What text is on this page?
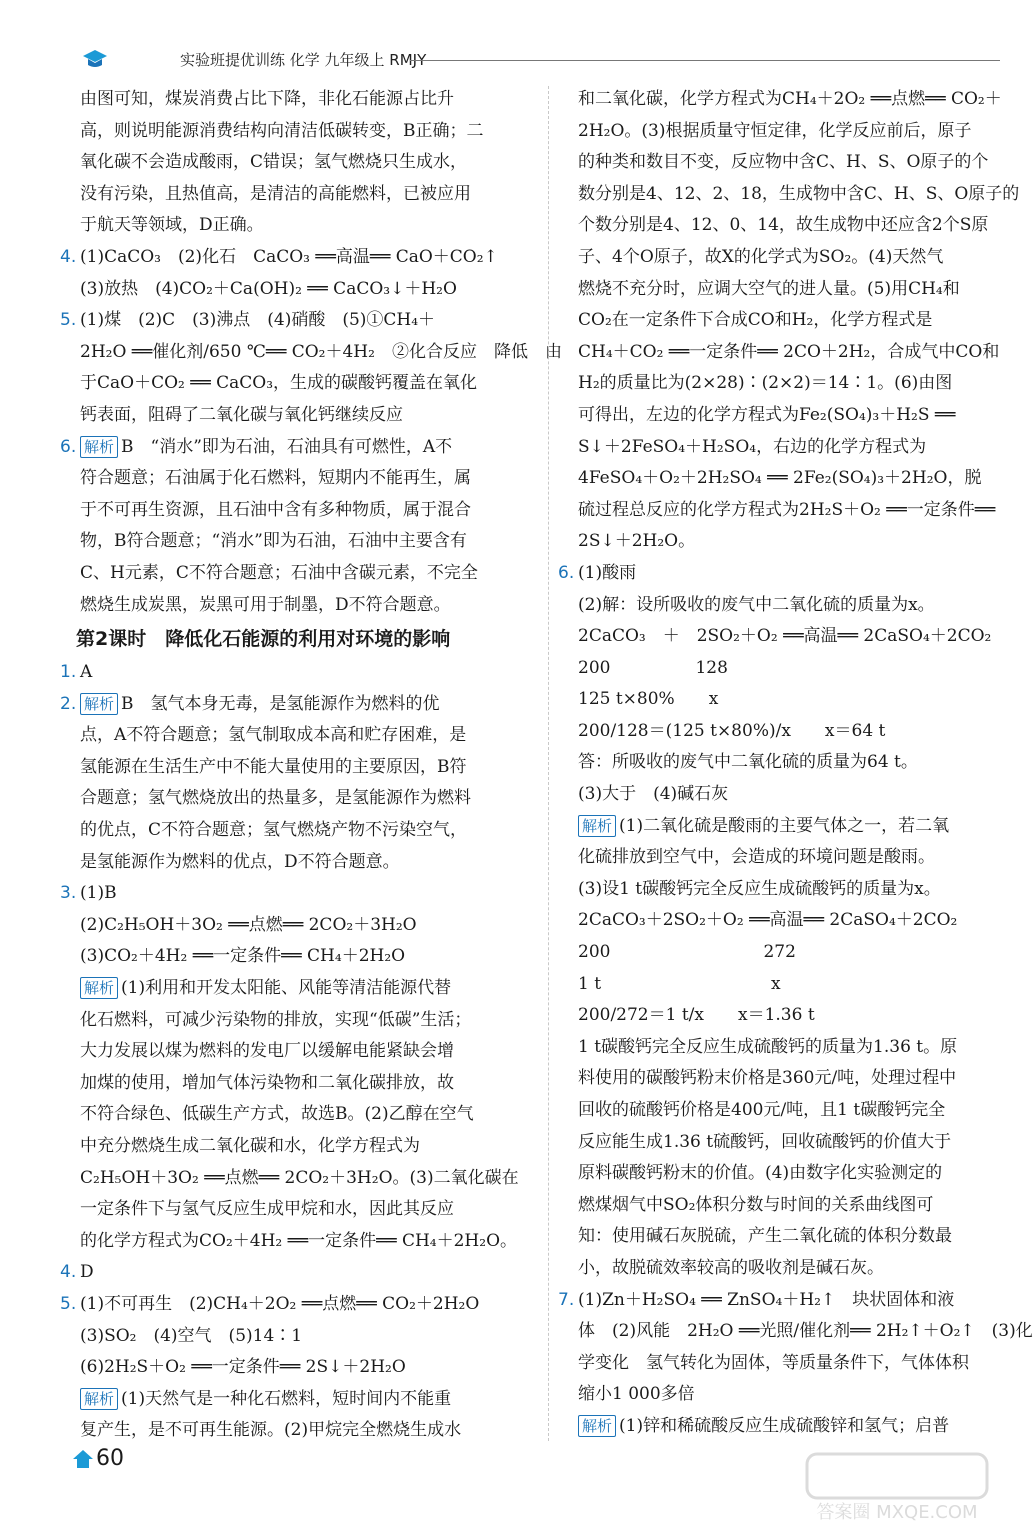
实验班提优训练 化学 九年级上 RMJY
由图可知，煤炭消费占比下降，非化石能源占比升
高，则说明能源消费结构向清洁低碳转变，B正确；二
氧化碳不会造成酸雨，C错误；氢气燃烧只生成水，
没有污染，且热值高，是清洁的高能燃料，已被应用
于航天等领域，D正确。
4. (1)CaCO₃　(2)化石　CaCO₃ ══高温══ CaO＋CO₂↑
(3)放热　(4)CO₂＋Ca(OH)₂ ══ CaCO₃↓＋H₂O
5. (1)煤　(2)C　(3)沸点　(4)硝酸　(5)①CH₄＋
2H₂O ══催化剂/650 ℃══ CO₂＋4H₂　②化合反应　降低　由
于CaO＋CO₂ ══ CaCO₃，生成的碳酸钙覆盖在氧化
钙表面，阻碍了二氧化碳与氧化钙继续反应
6. 解析 B　“消水”即为石油，石油具有可燃性，A不
符合题意；石油属于化石燃料，短期内不能再生，属
于不可再生资源，且石油中含有多种物质，属于混合
物，B符合题意；“消水”即为石油，石油中主要含有
C、H元素，C不符合题意；石油中含碳元素，不完全
燃烧生成炭黑，炭黑可用于制墨，D不符合题意。
第2课时　降低化石能源的利用对环境的影响
1. A
2. 解析 B　氢气本身无毒，是氢能源作为燃料的优
点，A不符合题意；氢气制取成本高和贮存困难，是
氢能源在生活生产中不能大量使用的主要原因，B符
合题意；氢气燃烧放出的热量多，是氢能源作为燃料
的优点，C不符合题意；氢气燃烧产物不污染空气，
是氢能源作为燃料的优点，D不符合题意。
3. (1)B
(2)C₂H₅OH＋3O₂ ══点燃══ 2CO₂＋3H₂O
(3)CO₂＋4H₂ ══一定条件══ CH₄＋2H₂O
解析 (1)利用和开发太阳能、风能等清洁能源代替
化石燃料，可减少污染物的排放，实现“低碳”生活；
大力发展以煤为燃料的发电厂以缓解电能紧缺会增
加煤的使用，增加气体污染物和二氧化碳排放，故
不符合绿色、低碳生产方式，故选B。(2)乙醇在空气
中充分燃烧生成二氧化碳和水，化学方程式为
C₂H₅OH＋3O₂ ══点燃══ 2CO₂＋3H₂O。(3)二氧化碳在
一定条件下与氢气反应生成甲烷和水，因此其反应
的化学方程式为CO₂＋4H₂ ══一定条件══ CH₄＋2H₂O。
4. D
5. (1)不可再生　(2)CH₄＋2O₂ ══点燃══ CO₂＋2H₂O
(3)SO₂　(4)空气　(5)14∶1
(6)2H₂S＋O₂ ══一定条件══ 2S↓＋2H₂O
解析 (1)天然气是一种化石燃料，短时间内不能重
复产生，是不可再生能源。(2)甲烷完全燃烧生成水
和二氧化碳，化学方程式为CH₄＋2O₂ ══点燃══ CO₂＋
2H₂O。(3)根据质量守恒定律，化学反应前后，原子
的种类和数目不变，反应物中含C、H、S、O原子的个
数分别是4、12、2、18，生成物中含C、H、S、O原子的
个数分别是4、12、0、14，故生成物中还应含2个S原
子、4个O原子，故X的化学式为SO₂。(4)天然气
燃烧不充分时，应调大空气的进人量。(5)用CH₄和
CO₂在一定条件下合成CO和H₂，化学方程式是
CH₄＋CO₂ ══一定条件══ 2CO＋2H₂，合成气中CO和
H₂的质量比为(2×28)∶(2×2)＝14∶1。(6)由图
可得出，左边的化学方程式为Fe₂(SO₄)₃＋H₂S ══
S↓＋2FeSO₄＋H₂SO₄，右边的化学方程式为
4FeSO₄＋O₂＋2H₂SO₄ ══ 2Fe₂(SO₄)₃＋2H₂O，脱
硫过程总反应的化学方程式为2H₂S＋O₂ ══一定条件══
2S↓＋2H₂O。
6. (1)酸雨
(2)解：设所吸收的废气中二氧化硫的质量为x。
2CaCO₃　＋　2SO₂＋O₂ ══高温══ 2CaSO₄＋2CO₂
200　　　　　128
125 t×80%　　x
200/128＝(125 t×80%)/x　　x＝64 t
答：所吸收的废气中二氧化硫的质量为64 t。
(3)大于　(4)碱石灰
解析 (1)二氧化硫是酸雨的主要气体之一，若二氧
化硫排放到空气中，会造成的环境问题是酸雨。
(3)设1 t碳酸钙完全反应生成硫酸钙的质量为x。
2CaCO₃＋2SO₂＋O₂ ══高温══ 2CaSO₄＋2CO₂
200　　　　　　　　　272
1 t　　　　　　　　　　x
200/272＝1 t/x　　x＝1.36 t
1 t碳酸钙完全反应生成硫酸钙的质量为1.36 t。原
料使用的碳酸钙粉末价格是360元/吨，处理过程中
回收的硫酸钙价格是400元/吨，且1 t碳酸钙完全
反应能生成1.36 t硫酸钙，回收硫酸钙的价值大于
原料碳酸钙粉末的价值。(4)由数字化实验测定的
燃煤烟气中SO₂体积分数与时间的关系曲线图可
知：使用碱石灰脱硫，产生二氧化硫的体积分数最
小，故脱硫效率较高的吸收剂是碱石灰。
7. (1)Zn＋H₂SO₄ ══ ZnSO₄＋H₂↑　块状固体和液
体　(2)风能　2H₂O ══光照/催化剂══ 2H₂↑＋O₂↑　(3)化
学变化　氢气转化为固体，等质量条件下，气体体积
缩小1 000多倍
解析 (1)锌和稀硫酸反应生成硫酸锌和氢气；启普
60
答案圈 MXQE.COM
